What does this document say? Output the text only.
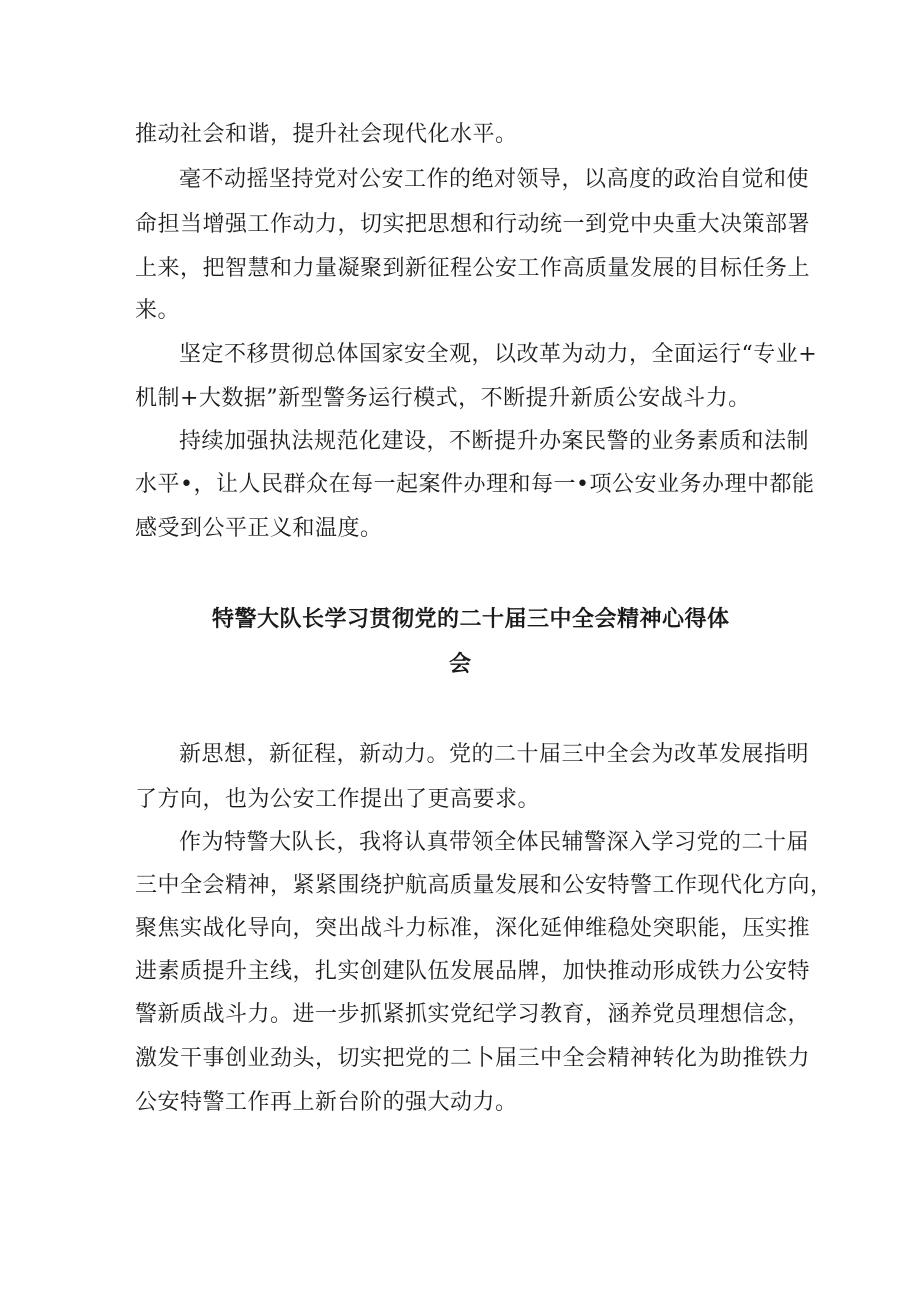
推动社会和谐，提升社会现代化水平。
毫不动摇坚持党对公安工作的绝对领导，以高度的政治自觉和使
命担当增强工作动力，切实把思想和行动统一到党中央重大决策部署
上来，把智慧和力量凝聚到新征程公安工作高质量发展的目标任务上
来。
坚定不移贯彻总体国家安全观，以改革为动力，全面运行“专业+
机制+大数据”新型警务运行模式，不断提升新质公安战斗力。
持续加强执法规范化建设，不断提升办案民警的业务素质和法制
水平•，让人民群众在每一起案件办理和每一•项公安业务办理中都能
感受到公平正义和温度。
特警大队长学习贯彻党的二十届三中全会精神心得体
会
新思想，新征程，新动力。党的二十届三中全会为改革发展指明
了方向，也为公安工作提出了更高要求。
作为特警大队长，我将认真带领全体民辅警深入学习党的二十届
三中全会精神，紧紧围绕护航高质量发展和公安特警工作现代化方向，
聚焦实战化导向，突出战斗力标准，深化延伸维稳处突职能，压实推
进素质提升主线，扎实创建队伍发展品牌，加快推动形成铁力公安特
警新质战斗力。进一步抓紧抓实党纪学习教育，涵养党员理想信念，
激发干事创业劲头，切实把党的二卜届三中全会精神转化为助推铁力
公安特警工作再上新台阶的强大动力。
